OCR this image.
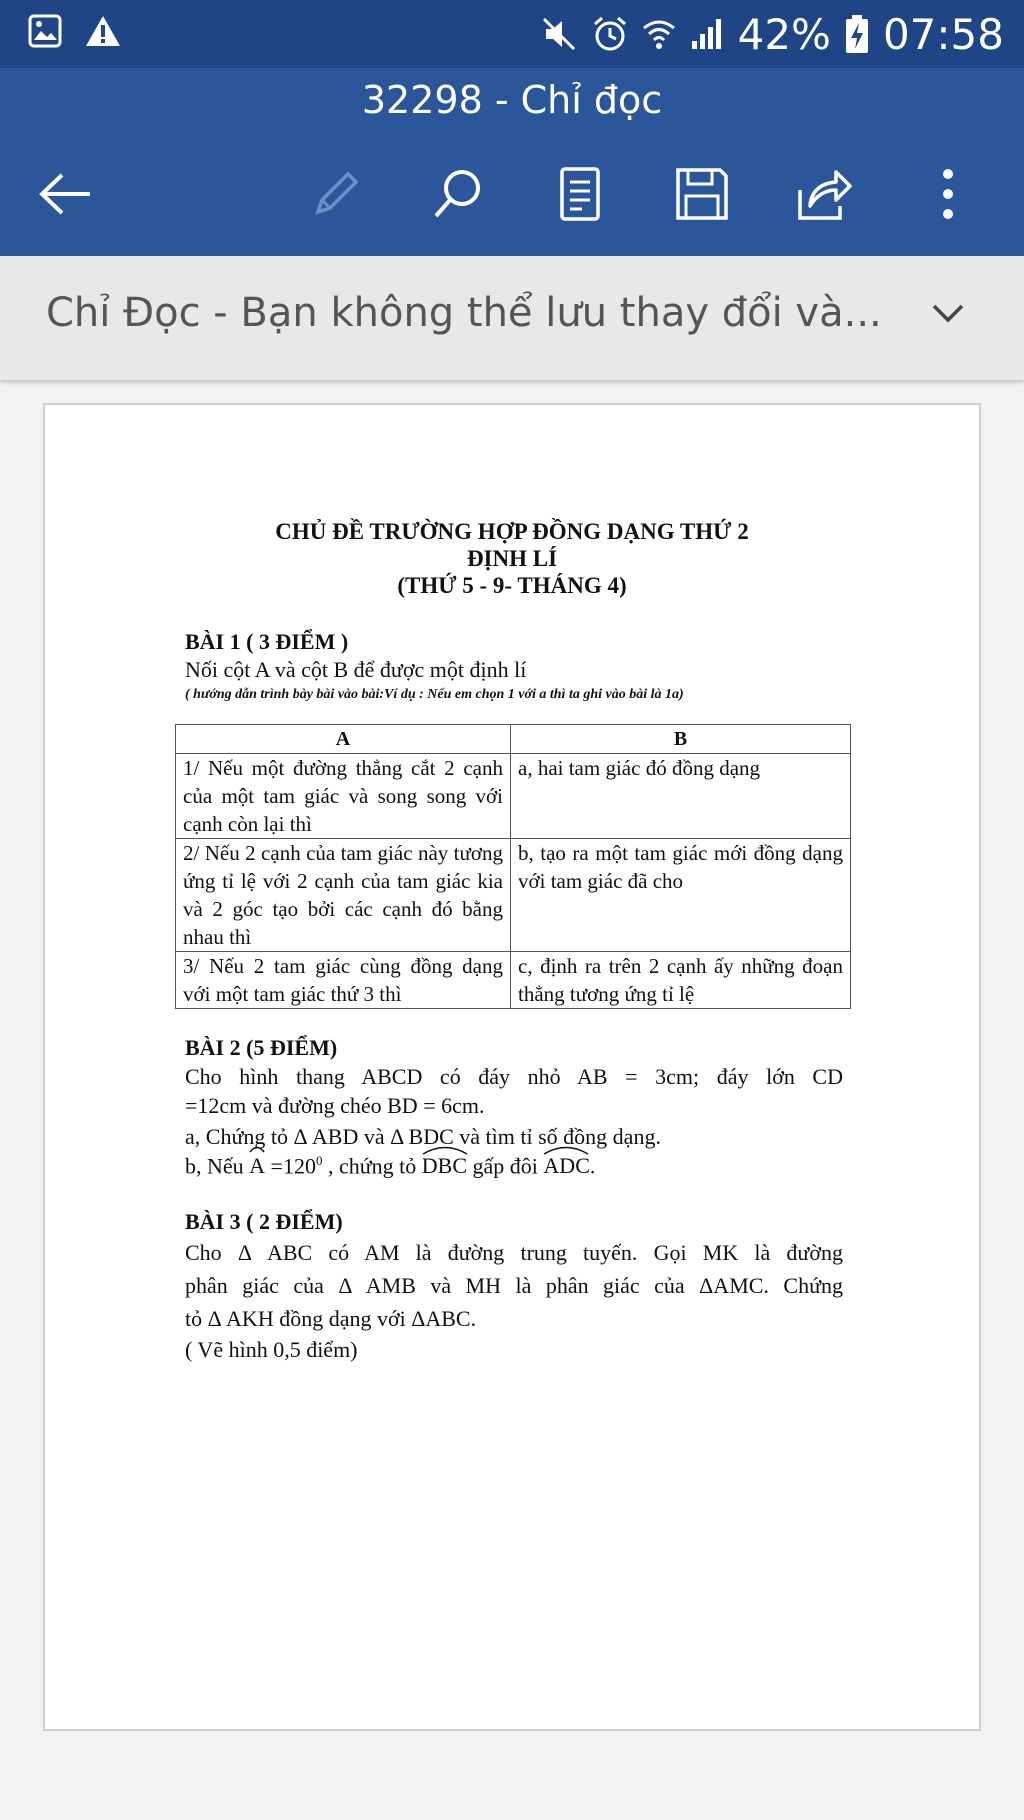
42% 07:58
32298 - Chỉ đọc
Chỉ Đọc - Bạn không thể lưu thay đổi và...
CHỦ ĐỀ TRƯỜNG HỢP ĐỒNG DẠNG THỨ 2
ĐỊNH LÍ
(THỨ 5 - 9- THÁNG 4)
BÀI 1 ( 3 ĐIỂM )
Nối cột A và cột B để được một định lí
( hướng dẫn trình bày bài vào bài:Ví dụ : Nếu em chọn 1 với a thì ta ghi vào bài là 1a)
A	B
1/ Nếu một đường thẳng cắt 2 cạnh của một tam giác và song song với cạnh còn lại thì	a, hai tam giác đó đồng dạng
2/ Nếu 2 cạnh của tam giác này tương ứng tỉ lệ với 2 cạnh của tam giác kia và 2 góc tạo bởi các cạnh đó bằng nhau thì	b, tạo ra một tam giác mới đồng dạng với tam giác đã cho
3/ Nếu 2 tam giác cùng đồng dạng với một tam giác thứ 3 thì	c, định ra trên 2 cạnh ấy những đoạn thẳng tương ứng tỉ lệ
BÀI 2 (5 ĐIỂM)
Cho hình thang ABCD có đáy nhỏ AB = 3cm; đáy lớn CD
=12cm và đường chéo BD = 6cm.
a, Chứng tỏ Δ ABD và Δ BDC và tìm tỉ số đồng dạng.
b, Nếu
$A =120^0$ , chứng tỏ
DBC gấp đôi
ADC.
BÀI 3 ( 2 ĐIỂM)
Cho Δ ABC có AM là đường trung tuyến. Gọi MK là đường
phân giác của Δ AMB và MH là phân giác của ΔAMC. Chứng
tỏ Δ AKH đồng dạng với ΔABC.
( Vẽ hình 0,5 điểm)
